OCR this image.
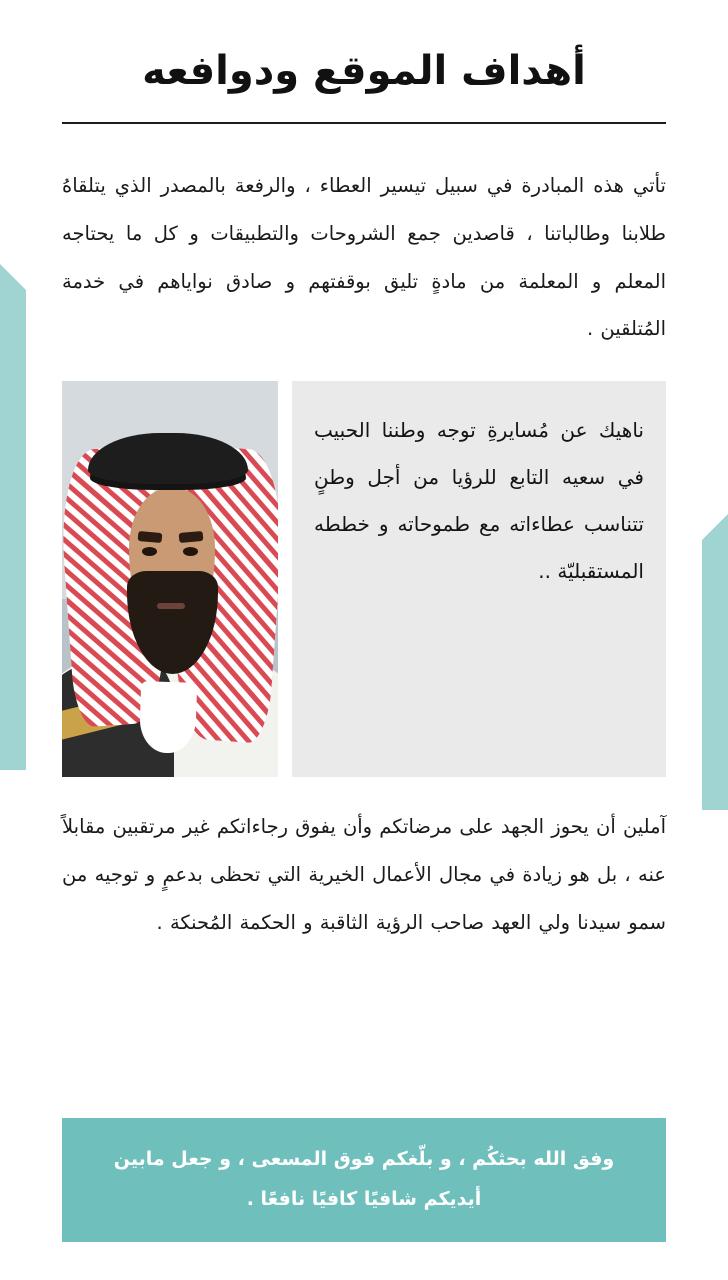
أهداف الموقع ودوافعه

تأتي هذه المبادرة في سبيل تيسير العطاء ، والرفعة بالمصدر الذي يتلقاهُ طلابنا وطالباتنا ، قاصدين جمع الشروحات والتطبيقات و كل ما يحتاجه المعلم و المعلمة من مادةٍ تليق بوقفتهم و صادق نواياهم في خدمة المُتلقين .

ناهيك عن مُسايرةِ توجه وطننا الحبيب في سعيه التابع للرؤيا من أجل وطنٍ تتناسب عطاءاته مع طموحاته و خططه المستقبليّة ..

آملين أن يحوز الجهد على مرضاتكم وأن يفوق رجاءاتكم غير مرتقبين مقابلاً عنه ، بل هو زيادة في مجال الأعمال الخيرية التي تحظى بدعمٍ و توجيه من سمو سيدنا ولي العهد صاحب الرؤية الثاقبة و الحكمة المُحنكة .

وفق الله بحثكُم ، و بلّغكم فوق المسعى ، و جعل مابين أيديكم شافيًا كافيًا نافعًا .
